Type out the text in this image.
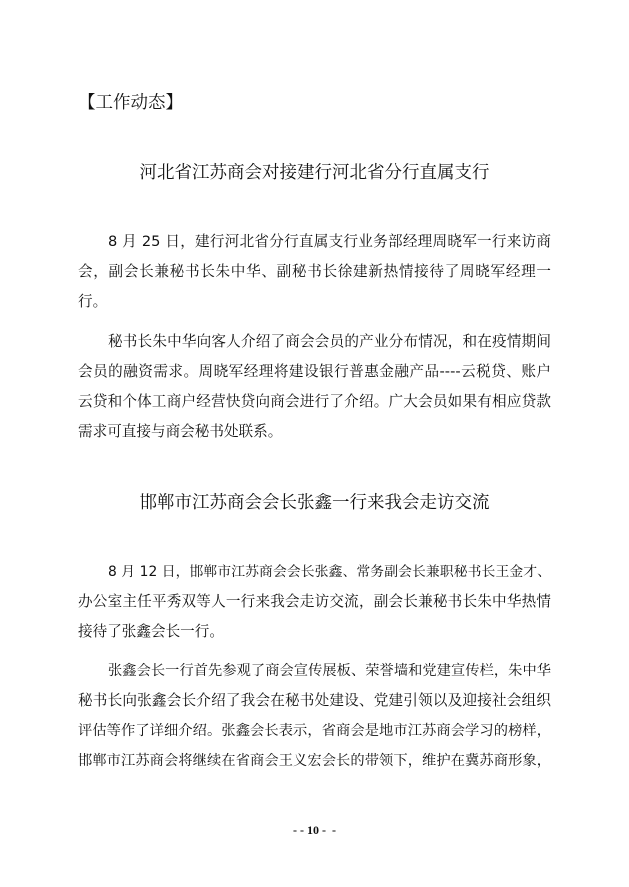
【工作动态】
河北省江苏商会对接建行河北省分行直属支行

8 月 25 日，建行河北省分行直属支行业务部经理周晓军一行来访商
会，副会长兼秘书长朱中华、副秘书长徐建新热情接待了周晓军经理一
行。

秘书长朱中华向客人介绍了商会会员的产业分布情况，和在疫情期间
会员的融资需求。周晓军经理将建设银行普惠金融产品----云税贷、账户
云贷和个体工商户经营快贷向商会进行了介绍。广大会员如果有相应贷款
需求可直接与商会秘书处联系。

邯郸市江苏商会会长张鑫一行来我会走访交流

8 月 12 日，邯郸市江苏商会会长张鑫、常务副会长兼职秘书长王金才、
办公室主任平秀双等人一行来我会走访交流，副会长兼秘书长朱中华热情
接待了张鑫会长一行。

张鑫会长一行首先参观了商会宣传展板、荣誉墙和党建宣传栏，朱中华
秘书长向张鑫会长介绍了我会在秘书处建设、党建引领以及迎接社会组织
评估等作了详细介绍。张鑫会长表示，省商会是地市江苏商会学习的榜样，
邯郸市江苏商会将继续在省商会王义宏会长的带领下，维护在冀苏商形象，

- - 10 -  -
